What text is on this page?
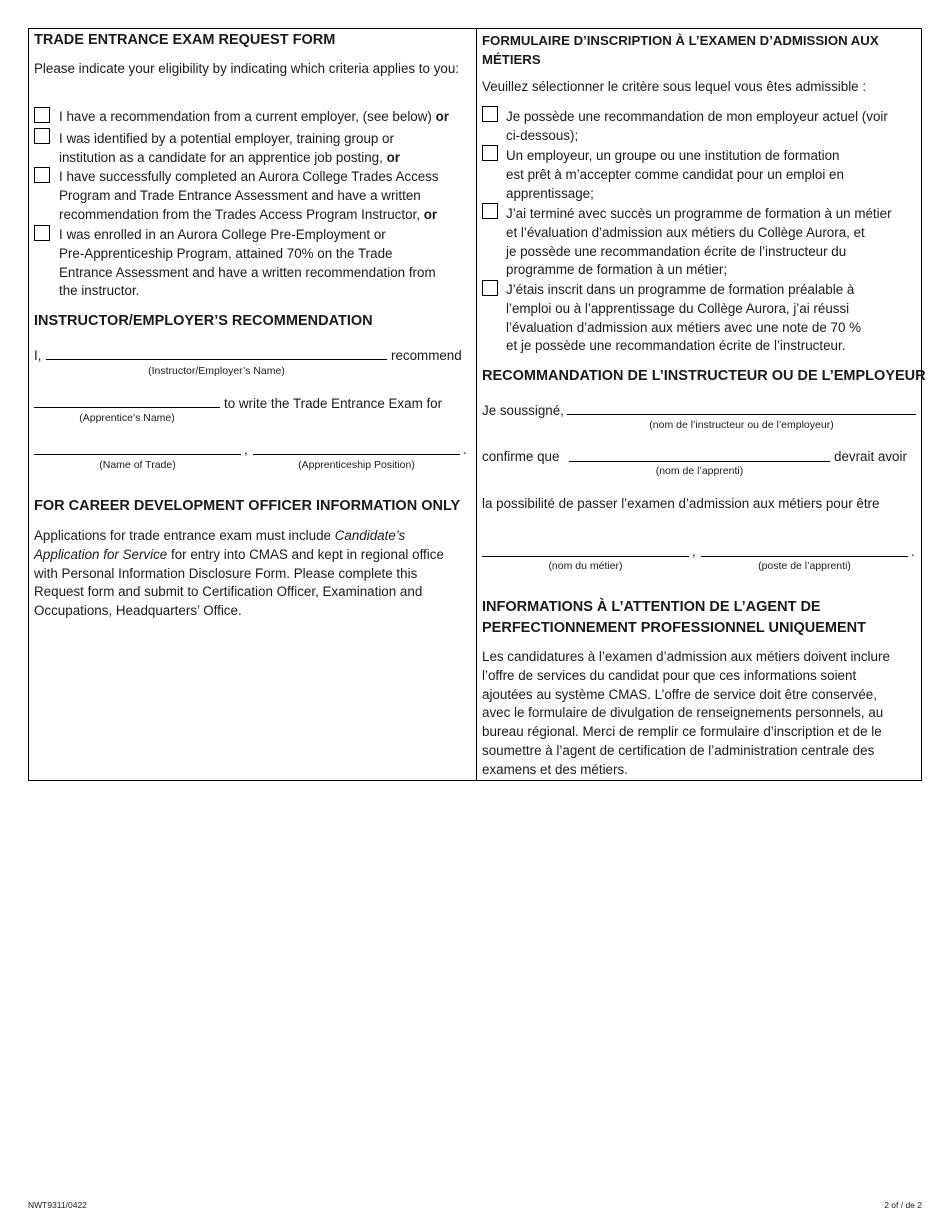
TRADE ENTRANCE EXAM REQUEST FORM
Please indicate your eligibility by indicating which criteria applies to you:
I have a recommendation from a current employer, (see below) or
I was identified by a potential employer, training group or
institution as a candidate for an apprentice job posting, or
I have successfully completed an Aurora College Trades Access
Program and Trade Entrance Assessment and have a written
recommendation from the Trades Access Program Instructor, or
I was enrolled in an Aurora College Pre-Employment or
Pre-Apprenticeship Program, attained 70% on the Trade
Entrance Assessment and have a written recommendation from
the instructor.
INSTRUCTOR/EMPLOYER’S RECOMMENDATION
I,	recommend
(Instructor/Employer’s Name)
to write the Trade Entrance Exam for
(Apprentice’s Name)
,	.
(Name of Trade)	(Apprenticeship Position)
FOR CAREER DEVELOPMENT OFFICER INFORMATION ONLY
Applications for trade entrance exam must include Candidate’s Application for Service for entry into CMAS and kept in regional office with Personal Information Disclosure Form. Please complete this Request form and submit to Certification Officer, Examination and Occupations, Headquarters’ Office.
FORMULAIRE D’INSCRIPTION À L’EXAMEN D’ADMISSION AUX
MÉTIERS
Veuillez sélectionner le critère sous lequel vous êtes admissible :
Je possède une recommandation de mon employeur actuel (voir
ci-dessous);
Un employeur, un groupe ou une institution de formation
est prêt à m’accepter comme candidat pour un emploi en
apprentissage;
J’ai terminé avec succès un programme de formation à un métier
et l’évaluation d’admission aux métiers du Collège Aurora, et
je possède une recommandation écrite de l’instructeur du
programme de formation à un métier;
J’étais inscrit dans un programme de formation préalable à
l’emploi ou à l’apprentissage du Collège Aurora, j’ai réussi
l’évaluation d’admission aux métiers avec une note de 70 %
et je possède une recommandation écrite de l’instructeur.
RECOMMANDATION DE L’INSTRUCTEUR OU DE L’EMPLOYEUR
Je soussigné,
(nom de l’instructeur ou de l’employeur)
confirme que	devrait avoir
(nom de l’apprenti)
la possibilité de passer l’examen d’admission aux métiers pour être
,	.
(nom du métier)	(poste de l’apprenti)
INFORMATIONS À L’ATTENTION DE L’AGENT DE
PERFECTIONNEMENT PROFESSIONNEL UNIQUEMENT
Les candidatures à l’examen d’admission aux métiers doivent inclure
l’offre de services du candidat pour que ces informations soient
ajoutées au système CMAS. L’offre de service doit être conservée,
avec le formulaire de divulgation de renseignements personnels, au
bureau régional. Merci de remplir ce formulaire d’inscription et de le
soumettre à l’agent de certification de l’administration centrale des
examens et des métiers.
NWT9311/0422	2 of / de 2
